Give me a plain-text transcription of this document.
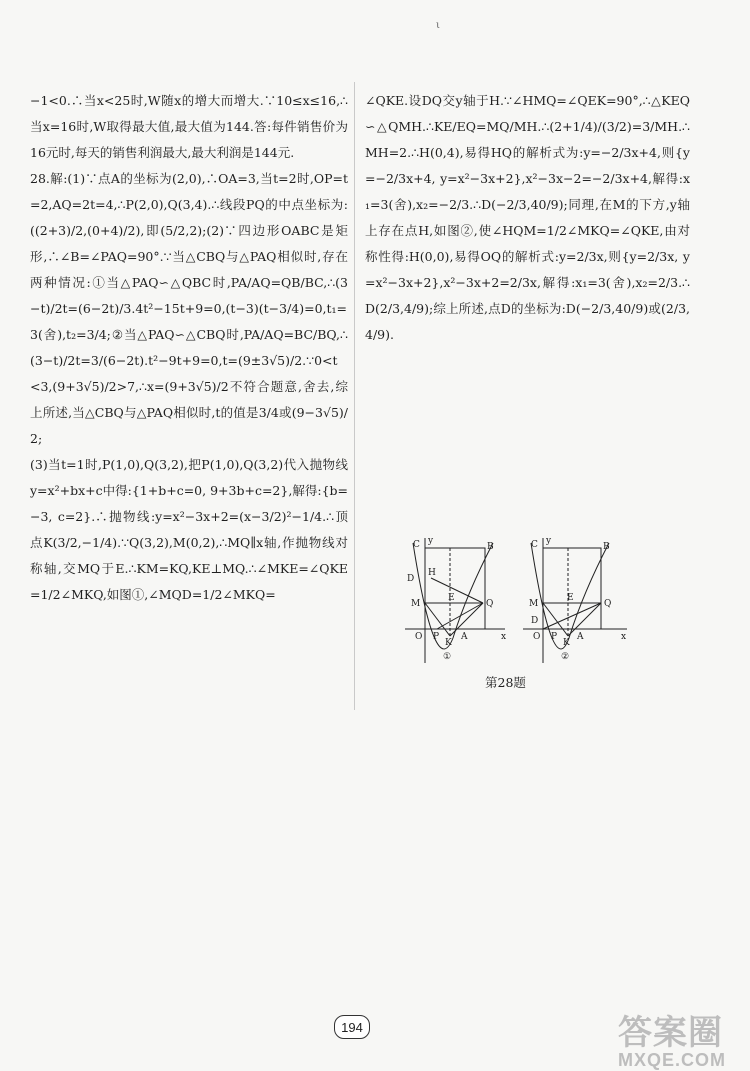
ι

−1<0.∴当x<25时,W随x的增大而增大.∵10≤x≤16,∴当x=16时,W取得最大值,最大值为144.答:每件销售价为16元时,每天的销售利润最大,最大利润是144元.

28.解:(1)∵点A的坐标为(2,0),∴OA=3,当t=2时,OP=t=2,AQ=2t=4,∴P(2,0),Q(3,4).∴线段PQ的中点坐标为:((2+3)/2,(0+4)/2),即(5/2,2);(2)∵四边形OABC是矩形,∴∠B=∠PAQ=90°.∵当△CBQ与△PAQ相似时,存在两种情况:①当△PAQ∽△QBC时,PA/AQ=QB/BC,∴(3−t)/2t=(6−2t)/3.4t²−15t+9=0,(t−3)(t−3/4)=0,t₁=3(舍),t₂=3/4;②当△PAQ∽△CBQ时,PA/AQ=BC/BQ,∴(3−t)/2t=3/(6−2t).t²−9t+9=0,t=(9±3√5)/2.∵0<t<3,(9+3√5)/2>7,∴x=(9+3√5)/2不符合题意,舍去,综上所述,当△CBQ与△PAQ相似时,t的值是3/4或(9−3√5)/2;

(3)当t=1时,P(1,0),Q(3,2),把P(1,0),Q(3,2)代入抛物线y=x²+bx+c中得:{1+b+c=0, 9+3b+c=2},解得:{b=−3, c=2}.∴抛物线:y=x²−3x+2=(x−3/2)²−1/4.∴顶点K(3/2,−1/4).∵Q(3,2),M(0,2),∴MQ∥x轴,作抛物线对称轴,交MQ于E.∴KM=KQ,KE⊥MQ.∴∠MKE=∠QKE=1/2∠MKQ,如图①,∠MQD=1/2∠MKQ=

∠QKE.设DQ交y轴于H.∵∠HMQ=∠QEK=90°,∴△KEQ∽△QMH.∴KE/EQ=MQ/MH.∴(2+1/4)/(3/2)=3/MH.∴MH=2.∴H(0,4),易得HQ的解析式为:y=−2/3x+4,则{y=−2/3x+4, y=x²−3x+2},x²−3x−2=−2/3x+4,解得:x₁=3(舍),x₂=−2/3.∴D(−2/3,40/9);同理,在M的下方,y轴上存在点H,如图②,使∠HQM=1/2∠MKQ=∠QKE,由对称性得:H(0,0),易得OQ的解析式:y=2/3x,则{y=2/3x, y=x²−3x+2},x²−3x+2=2/3x,解得:x₁=3(舍),x₂=2/3.∴D(2/3,4/9);综上所述,点D的坐标为:D(−2/3,40/9)或(2/3,4/9).

C y
B
D
H
M
E
Q
O P
K
A	x
①
C y
B
M
E
Q
D
O P
K
A	x
②
第28题
194	答案圈
MXQE.COM
